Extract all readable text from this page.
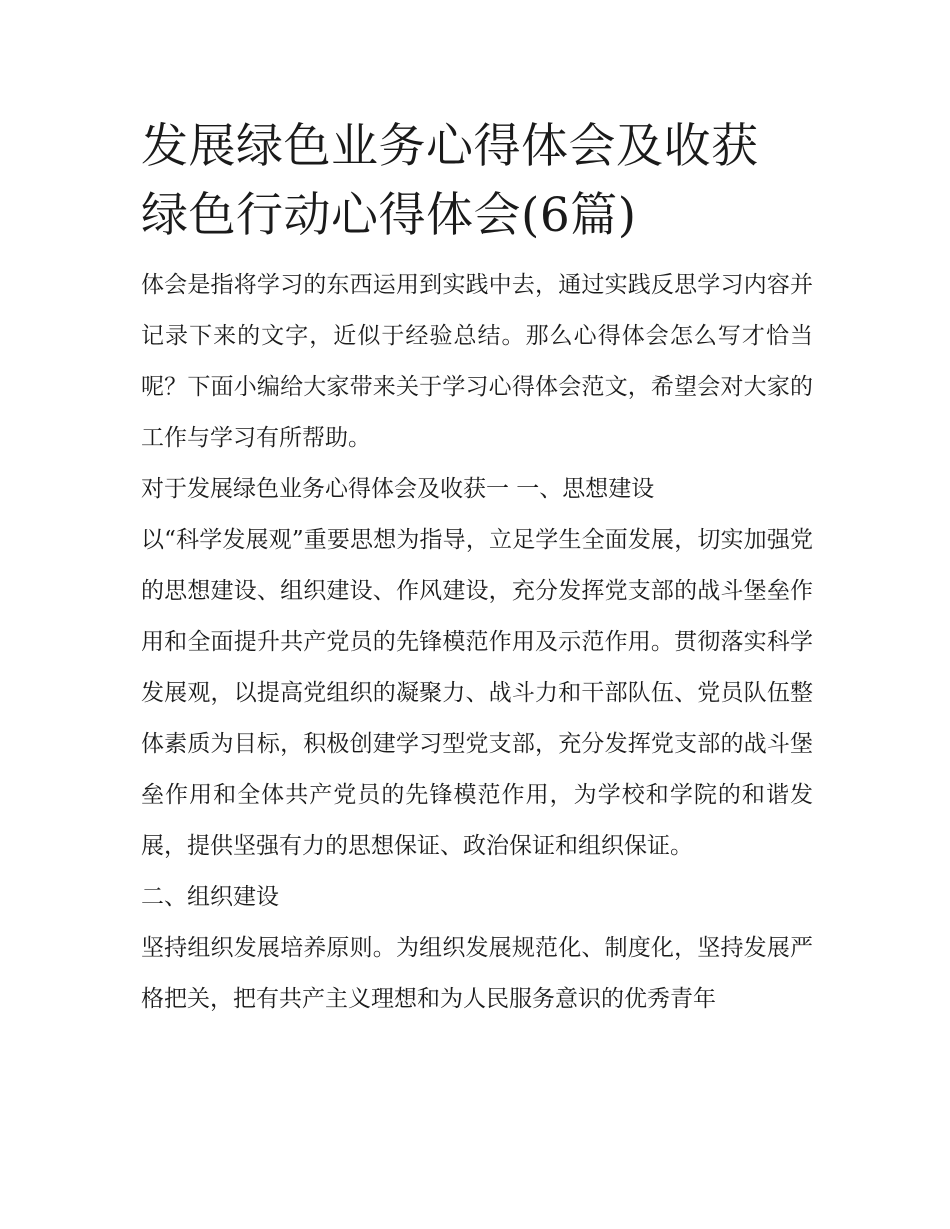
发展绿色业务心得体会及收获
绿色行动心得体会(6篇)

体会是指将学习的东西运用到实践中去，通过实践反思学习内容并记录下来的文字，近似于经验总结。那么心得体会怎么写才恰当呢？下面小编给大家带来关于学习心得体会范文，希望会对大家的工作与学习有所帮助。

对于发展绿色业务心得体会及收获一 一、思想建设

以“科学发展观”重要思想为指导，立足学生全面发展，切实加强党的思想建设、组织建设、作风建设，充分发挥党支部的战斗堡垒作用和全面提升共产党员的先锋模范作用及示范作用。贯彻落实科学发展观，以提高党组织的凝聚力、战斗力和干部队伍、党员队伍整体素质为目标，积极创建学习型党支部，充分发挥党支部的战斗堡垒作用和全体共产党员的先锋模范作用，为学校和学院的和谐发展，提供坚强有力的思想保证、政治保证和组织保证。

二、组织建设

坚持组织发展培养原则。为组织发展规范化、制度化，坚持发展严格把关，把有共产主义理想和为人民服务意识的优秀青年
